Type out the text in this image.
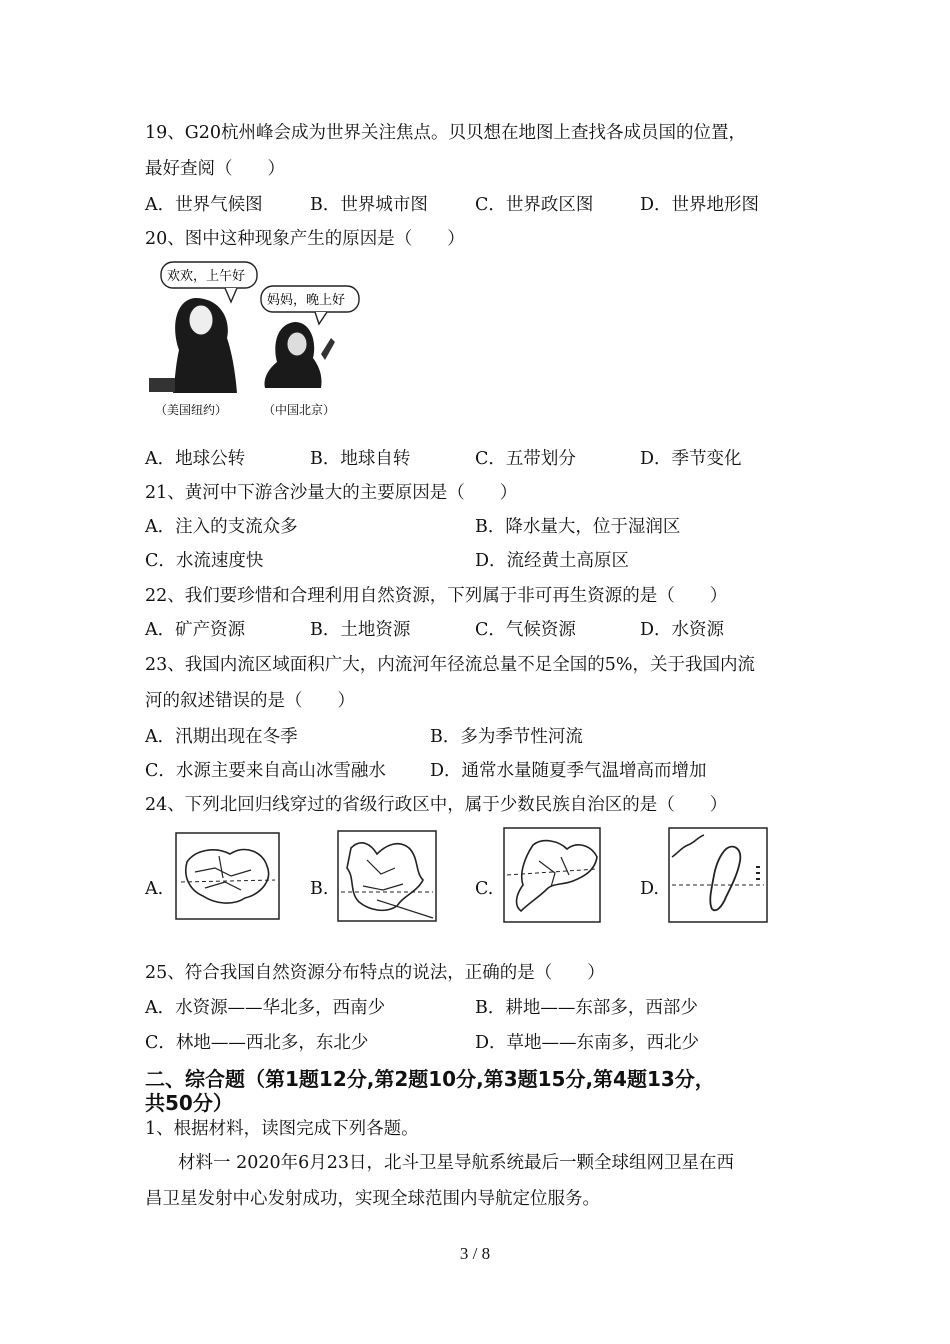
19、G20杭州峰会成为世界关注焦点。贝贝想在地图上查找各成员国的位置，
最好查阅（　　）
A．世界气候图	B．世界城市图	C．世界政区图	D．世界地形图
20、图中这种现象产生的原因是（　　）
欢欢，上午好
妈妈，晚上好
（美国纽约）	（中国北京）
A．地球公转	B．地球自转	C．五带划分	D．季节变化
21、黄河中下游含沙量大的主要原因是（　　）
A．注入的支流众多	B．降水量大，位于湿润区
C．水流速度快	D．流经黄土高原区
22、我们要珍惜和合理利用自然资源，下列属于非可再生资源的是（　　）
A．矿产资源	B．土地资源	C．气候资源	D．水资源
23、我国内流区域面积广大，内流河年径流总量不足全国的5%，关于我国内流
河的叙述错误的是（　　）
A．汛期出现在冬季	B．多为季节性河流
C．水源主要来自高山冰雪融水	D．通常水量随夏季气温增高而增加
24、下列北回归线穿过的省级行政区中，属于少数民族自治区的是（　　）
A.	B.	C.	D.
25、符合我国自然资源分布特点的说法，正确的是（　　）
A．水资源——华北多，西南少	B．耕地——东部多，西部少
C．林地——西北多，东北少	D．草地——东南多，西北少
二、综合题（第1题12分,第2题10分,第3题15分,第4题13分，
共50分）
1、根据材料，读图完成下列各题。
材料一 2020年6月23日，北斗卫星导航系统最后一颗全球组网卫星在西
昌卫星发射中心发射成功，实现全球范围内导航定位服务。
3 / 8
